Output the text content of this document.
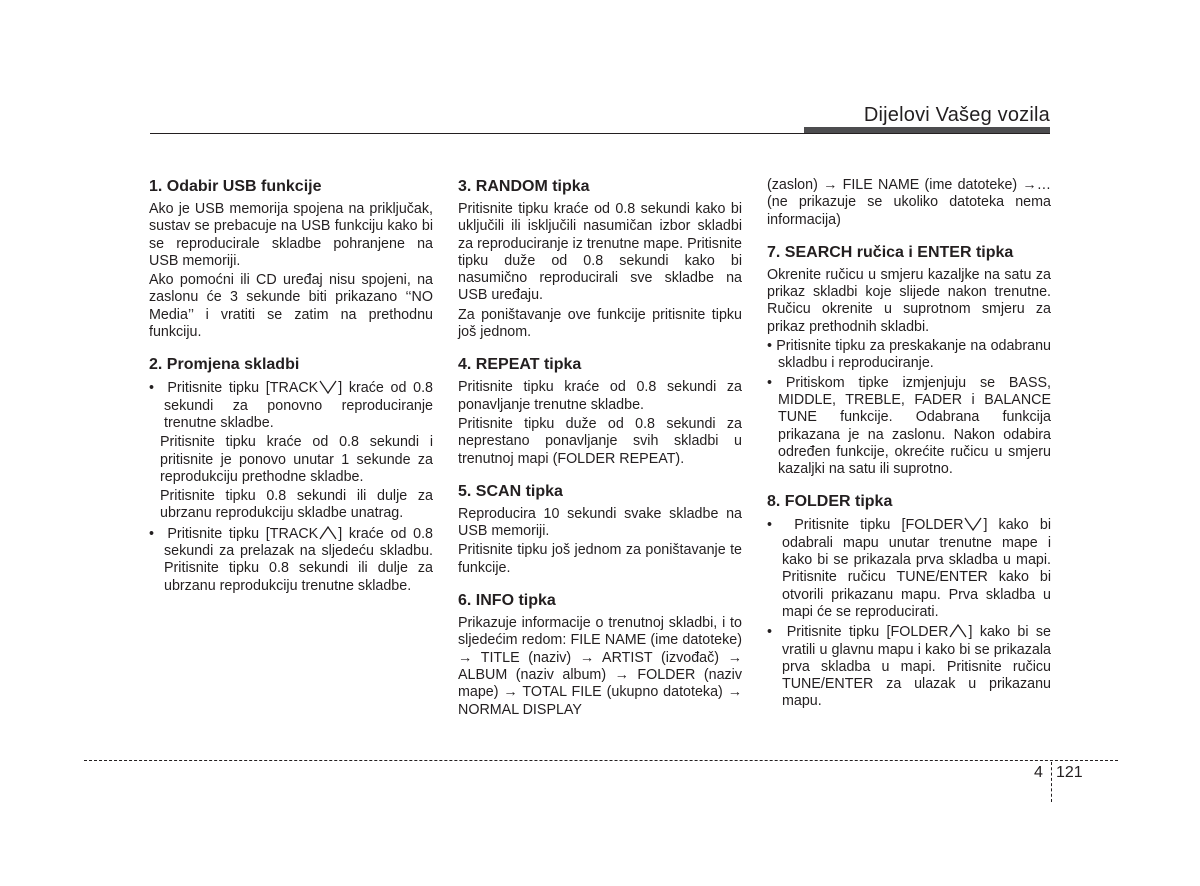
Dijelovi Vašeg vozila
1. Odabir USB funkcije

Ako je USB memorija spojena na priključak, sustav se prebacuje na USB funkciju kako bi se reproducirale skladbe pohranjene na USB memoriji.

Ako pomoćni ili CD uređaj nisu spojeni, na zaslonu će 3 sekunde biti prikazano ‘‘NO Media’’ i vratiti se zatim na prethodnu funkciju.

2. Promjena skladbi

•  Pritisnite tipku [TRACK ] kraće od 0.8 sekundi za ponovno reproduciranje trenutne skladbe.

Pritisnite tipku kraće od 0.8 sekundi i pritisnite je ponovo unutar 1 sekunde za reprodukciju prethodne skladbe.

Pritisnite tipku 0.8 sekundi ili dulje za ubrzanu reprodukciju skladbe unatrag.

•  Pritisnite tipku [TRACK ] kraće od 0.8 sekundi za prelazak na sljedeću skladbu. Pritisnite tipku 0.8 sekundi ili dulje za ubrzanu reprodukciju trenutne skladbe.

3. RANDOM tipka

Pritisnite tipku kraće od 0.8 sekundi kako bi uključili ili isključili nasumičan izbor skladbi za reproduciranje iz trenutne mape. Pritisnite tipku duže od 0.8 sekundi kako bi nasumično reproducirali sve skladbe na USB uređaju.

Za poništavanje ove funkcije pritisnite tipku još jednom.

4. REPEAT tipka

Pritisnite tipku kraće od 0.8 sekundi za ponavljanje trenutne skladbe.

Pritisnite tipku duže od 0.8 sekundi za neprestano ponavljanje svih skladbi u trenutnoj mapi (FOLDER REPEAT).

5. SCAN tipka

Reproducira 10 sekundi svake skladbe na USB memoriji.

Pritisnite tipku još jednom za poništavanje te funkcije.

6. INFO tipka

Prikazuje informacije o trenutnoj skladbi, i to sljedećim redom: FILE NAME (ime datoteke) → TITLE (naziv) → ARTIST (izvođač) → ALBUM (naziv album) → FOLDER (naziv mape) → TOTAL FILE (ukupno datoteka) → NORMAL DISPLAY

(zaslon) → FILE NAME (ime datoteke) →… (ne prikazuje se ukoliko datoteka nema informacija)

7. SEARCH ručica i ENTER tipka

Okrenite ručicu u smjeru kazaljke na satu za prikaz skladbi koje slijede nakon trenutne. Ručicu okrenite u suprotnom smjeru za prikaz prethodnih skladbi.

• Pritisnite tipku za preskakanje na odabranu skladbu i reproduciranje.

• Pritiskom tipke izmjenjuju se BASS, MIDDLE, TREBLE, FADER i BALANCE TUNE funkcije. Odabrana funkcija prikazana je na zaslonu. Nakon odabira određen funkcije, okrećite ručicu u smjeru kazaljki na satu ili suprotno.

8. FOLDER tipka

•  Pritisnite tipku [FOLDER ] kako bi odabrali mapu unutar trenutne mape i kako bi se prikazala prva skladba u mapi. Pritisnite ručicu TUNE/ENTER kako bi otvorili prikazanu mapu. Prva skladba u mapi će se reproducirati.

•  Pritisnite tipku [FOLDER ] kako bi se vratili u glavnu mapu i kako bi se prikazala prva skladba u mapi. Pritisnite ručicu TUNE/ENTER za ulazak u prikazanu mapu.

4 121
